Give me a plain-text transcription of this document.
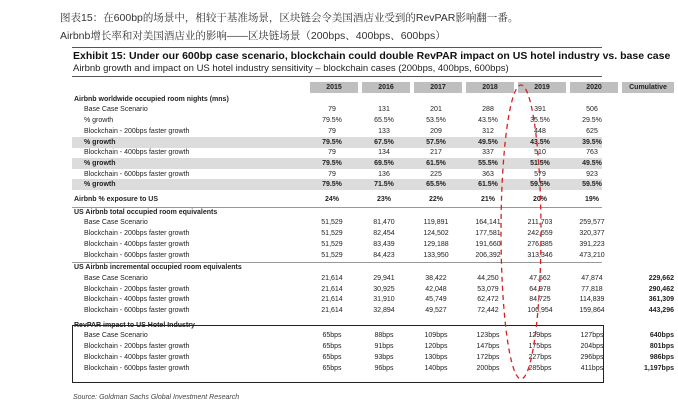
图表15：在600bp的场景中，相较于基准场景，区块链会令美国酒店业受到的RevPAR影响翻一番。
Airbnb增长率和对美国酒店业的影响——区块链场景（200bps、400bps、600bps）
Exhibit 15: Under our 600bp case scenario, blockchain could double RevPAR impact on US hotel industry vs. base case
Airbnb growth and impact on US hotel industry sensitivity – blockchain cases (200bps, 400bps, 600bps)
2015	2016	2017	2018	2019	2020	Cumulative
Airbnb worldwide occupied room nights (mns)
Base Case Scenario	79	131	201	288	391	506
% growth	79.5%	65.5%	53.5%	43.5%	35.5%	29.5%
Blockchain - 200bps faster growth	79	133	209	312	448	625
% growth	79.5%	67.5%	57.5%	49.5%	43.5%	39.5%
Blockchain - 400bps faster growth	79	134	217	337	510	763
% growth	79.5%	69.5%	61.5%	55.5%	51.5%	49.5%
Blockchain - 600bps faster growth	79	136	225	363	579	923
% growth	79.5%	71.5%	65.5%	61.5%	59.5%	59.5%
Airbnb % exposure to US	24%	23%	22%	21%	20%	19%
US Airbnb total occupied room equivalents
Base Case Scenario	51,529	81,470	119,891	164,141	211,703	259,577
Blockchain - 200bps faster growth	51,529	82,454	124,502	177,581	242,559	320,377
Blockchain - 400bps faster growth	51,529	83,439	129,188	191,660	276,385	391,223
Blockchain - 600bps faster growth	51,529	84,423	133,950	206,392	313,346	473,210
US Airbnb incremental occupied room equivalents
Base Case Scenario	21,614	29,941	38,422	44,250	47,562	47,874	229,662
Blockchain - 200bps faster growth	21,614	30,925	42,048	53,079	64,978	77,818	290,462
Blockchain - 400bps faster growth	21,614	31,910	45,749	62,472	84,725	114,839	361,309
Blockchain - 600bps faster growth	21,614	32,894	49,527	72,442	106,954	159,864	443,296
RevPAR impact to US Hotel Industry
Base Case Scenario	65bps	88bps	109bps	123bps	129bps	127bps	640bps
Blockchain - 200bps faster growth	65bps	91bps	120bps	147bps	175bps	204bps	801bps
Blockchain - 400bps faster growth	65bps	93bps	130bps	172bps	227bps	296bps	986bps
Blockchain - 600bps faster growth	65bps	96bps	140bps	200bps	285bps	411bps	1,197bps
Source: Goldman Sachs Global Investment Research
